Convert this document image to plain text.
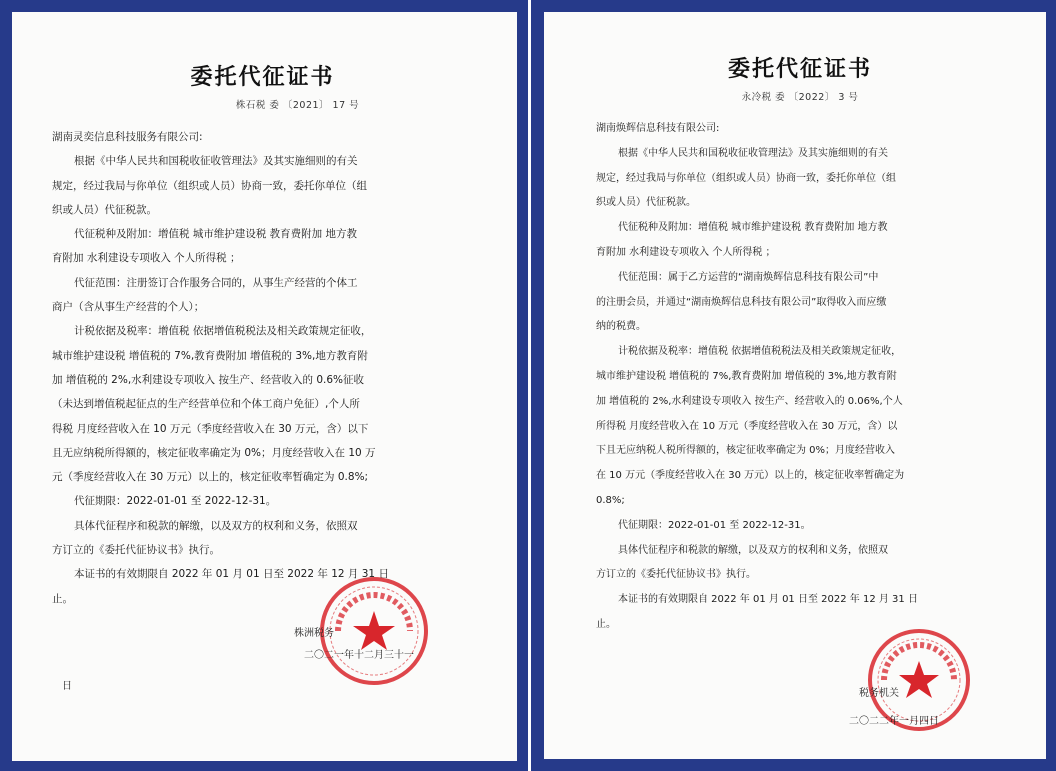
委托代征证书
株石税 委 〔2021〕 17 号
湖南灵奕信息科技服务有限公司:
根据《中华人民共和国税收征收管理法》及其实施细则的有关
规定，经过我局与你单位（组织或人员）协商一致，委托你单位（组
织或人员）代征税款。
代征税种及附加：增值税 城市维护建设税 教育费附加 地方教
育附加 水利建设专项收入 个人所得税 ；
代征范围：注册签订合作服务合同的，从事生产经营的个体工
商户（含从事生产经营的个人）；
计税依据及税率：增值税 依据增值税税法及相关政策规定征收，
城市维护建设税 增值税的 7%,教育费附加 增值税的 3%,地方教育附
加 增值税的 2%,水利建设专项收入 按生产、经营收入的 0.6%征收
（未达到增值税起征点的生产经营单位和个体工商户免征）,个人所
得税 月度经营收入在 10 万元（季度经营收入在 30 万元，含）以下
且无应纳税所得额的，核定征收率确定为 0%；月度经营收入在 10 万
元（季度经营收入在 30 万元）以上的，核定征收率暂确定为 0.8%;
代征期限：2022-01-01 至 2022-12-31。
具体代征程序和税款的解缴，以及双方的权利和义务，依照双
方订立的《委托代征协议书》执行。
本证书的有效期限自 2022 年 01 月 01 日至 2022 年 12 月 31 日
止。
株洲税务
二〇二一年十二月三十一
日
委托代征证书
永冷税 委 〔2022〕 3 号
湖南焕辉信息科技有限公司:
根据《中华人民共和国税收征收管理法》及其实施细则的有关
规定，经过我局与你单位（组织或人员）协商一致，委托你单位（组
织或人员）代征税款。
代征税种及附加：增值税 城市维护建设税 教育费附加 地方教
育附加 水利建设专项收入 个人所得税 ；
代征范围：属于乙方运营的“湖南焕辉信息科技有限公司”中
的注册会员，并通过“湖南焕辉信息科技有限公司”取得收入而应缴
纳的税费。
计税依据及税率：增值税 依据增值税税法及相关政策规定征收，
城市维护建设税 增值税的 7%,教育费附加 增值税的 3%,地方教育附
加 增值税的 2%,水利建设专项收入 按生产、经营收入的 0.06%,个人
所得税 月度经营收入在 10 万元（季度经营收入在 30 万元，含）以
下且无应纳税人税所得额的，核定征收率确定为 0%；月度经营收入
在 10 万元（季度经营收入在 30 万元）以上的，核定征收率暂确定为
0.8%;
代征期限：2022-01-01 至 2022-12-31。
具体代征程序和税款的解缴，以及双方的权利和义务，依照双
方订立的《委托代征协议书》执行。
本证书的有效期限自 2022 年 01 月 01 日至 2022 年 12 月 31 日
止。
税务机关
二〇二二年一月四日
